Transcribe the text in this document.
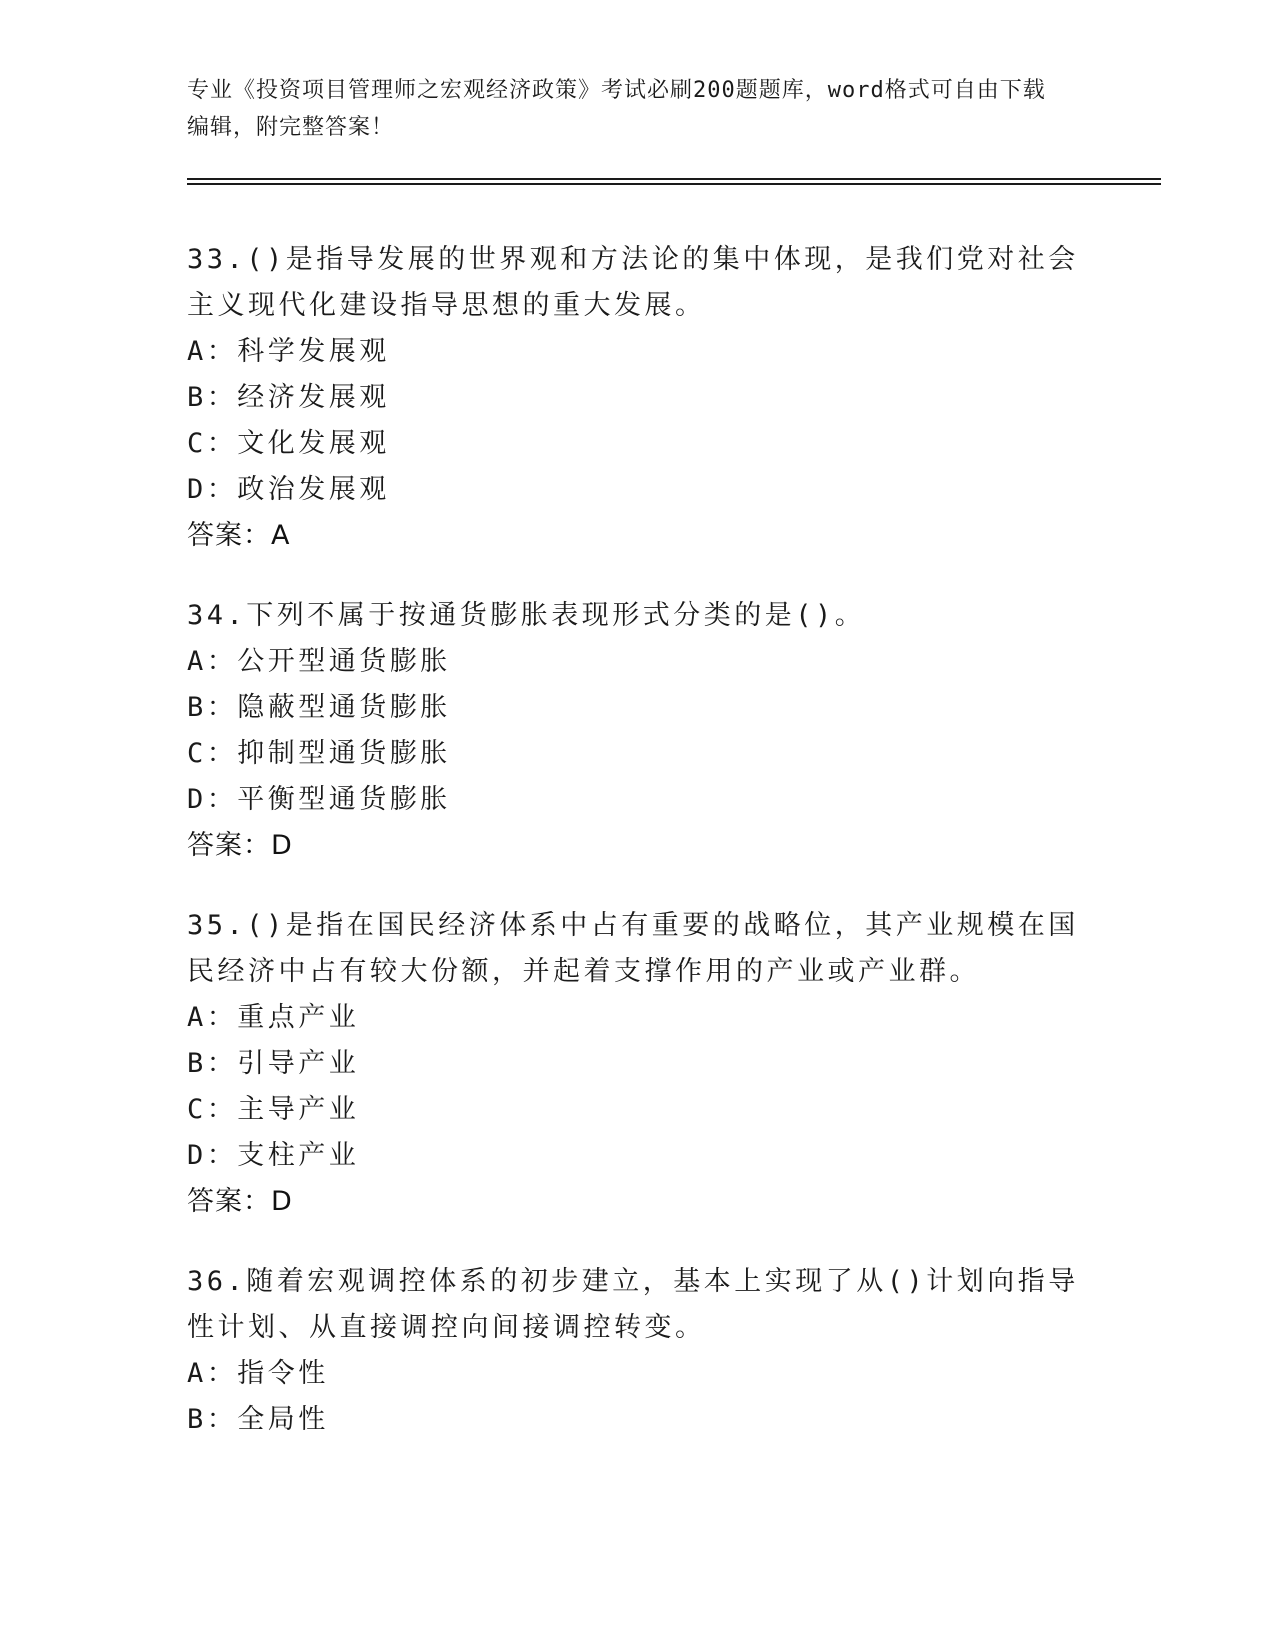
专业《投资项目管理师之宏观经济政策》考试必刷200题题库，word格式可自由下载编辑，附完整答案！

33.()是指导发展的世界观和方法论的集中体现，是我们党对社会主义现代化建设指导思想的重大发展。

A：科学发展观

B：经济发展观

C：文化发展观

D：政治发展观

答案：A

34.下列不属于按通货膨胀表现形式分类的是()。

A：公开型通货膨胀

B：隐蔽型通货膨胀

C：抑制型通货膨胀

D：平衡型通货膨胀

答案：D

35.()是指在国民经济体系中占有重要的战略位，其产业规模在国民经济中占有较大份额，并起着支撑作用的产业或产业群。

A：重点产业

B：引导产业

C：主导产业

D：支柱产业

答案：D

36.随着宏观调控体系的初步建立，基本上实现了从()计划向指导性计划、从直接调控向间接调控转变。

A：指令性

B：全局性
